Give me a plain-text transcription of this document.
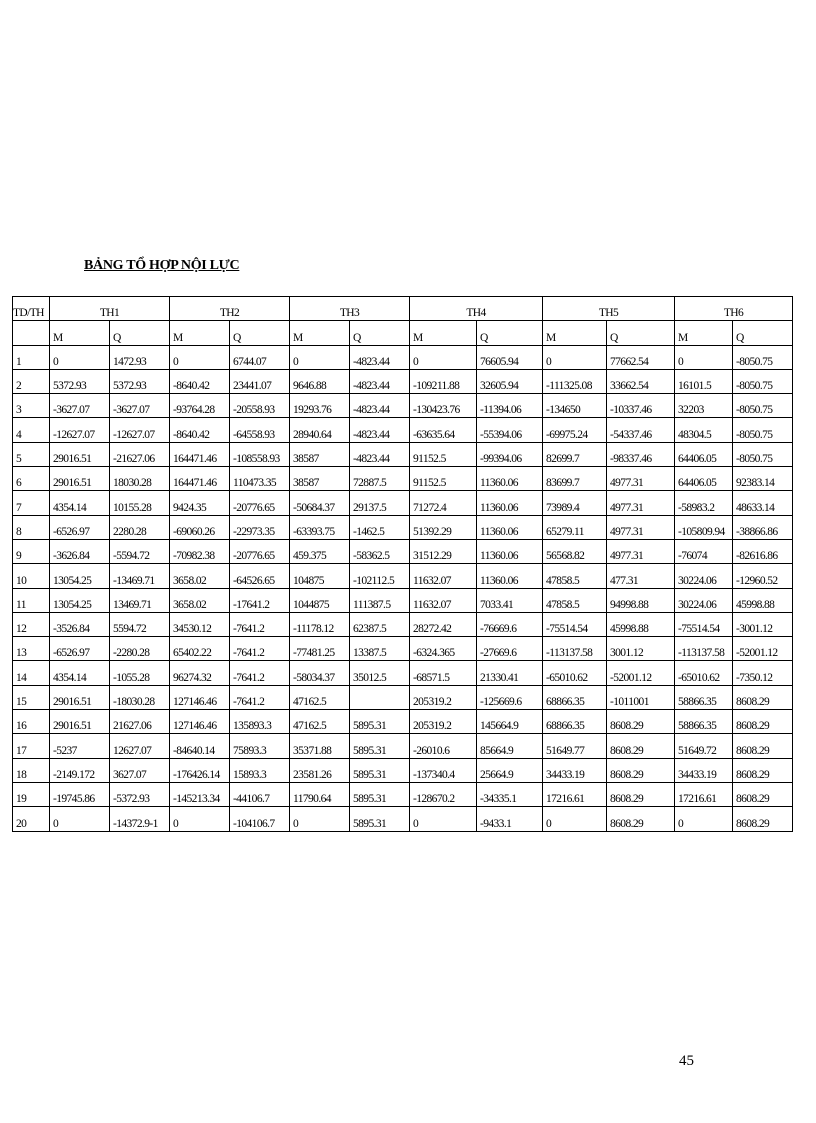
BẢNG TỔ HỢP NỘI LỰC
TD/TH	TH1		TH2		TH3		TH4		TH5		TH6	
	M	Q	M	Q	M	Q	M	Q	M	Q	M	Q
1	0	1472.93	0	6744.07	0	-4823.44	0	76605.94	0	77662.54	0	-8050.75
2	5372.93	5372.93	-8640.42	23441.07	9646.88	-4823.44	-109211.88	32605.94	-111325.08	33662.54	16101.5	-8050.75
3	-3627.07	-3627.07	-93764.28	-20558.93	19293.76	-4823.44	-130423.76	-11394.06	-134650	-10337.46	32203	-8050.75
4	-12627.07	-12627.07	-8640.42	-64558.93	28940.64	-4823.44	-63635.64	-55394.06	-69975.24	-54337.46	48304.5	-8050.75
5	29016.51	-21627.06	164471.46	-108558.93	38587	-4823.44	91152.5	-99394.06	82699.7	-98337.46	64406.05	-8050.75
6	29016.51	18030.28	164471.46	110473.35	38587	72887.5	91152.5	11360.06	83699.7	4977.31	64406.05	92383.14
7	4354.14	10155.28	9424.35	-20776.65	-50684.37	29137.5	71272.4	11360.06	73989.4	4977.31	-58983.2	48633.14
8	-6526.97	2280.28	-69060.26	-22973.35	-63393.75	-1462.5	51392.29	11360.06	65279.11	4977.31	-105809.94	-38866.86
9	-3626.84	-5594.72	-70982.38	-20776.65	459.375	-58362.5	31512.29	11360.06	56568.82	4977.31	-76074	-82616.86
10	13054.25	-13469.71	3658.02	-64526.65	104875	-102112.5	11632.07	11360.06	47858.5	477.31	30224.06	-12960.52
11	13054.25	13469.71	3658.02	-17641.2	1044875	111387.5	11632.07	7033.41	47858.5	94998.88	30224.06	45998.88
12	-3526.84	5594.72	34530.12	-7641.2	-11178.12	62387.5	28272.42	-76669.6	-75514.54	45998.88	-75514.54	-3001.12
13	-6526.97	-2280.28	65402.22	-7641.2	-77481.25	13387.5	-6324.365	-27669.6	-113137.58	3001.12	-113137.58	-52001.12
14	4354.14	-1055.28	96274.32	-7641.2	-58034.37	35012.5	-68571.5	21330.41	-65010.62	-52001.12	-65010.62	-7350.12
15	29016.51	-18030.28	127146.46	-7641.2	47162.5		205319.2	-125669.6	68866.35	-1011001	58866.35	8608.29
16	29016.51	21627.06	127146.46	135893.3	47162.5	5895.31	205319.2	145664.9	68866.35	8608.29	58866.35	8608.29
17	-5237	12627.07	-84640.14	75893.3	35371.88	5895.31	-26010.6	85664.9	51649.77	8608.29	51649.72	8608.29
18	-2149.172	3627.07	-176426.14	15893.3	23581.26	5895.31	-137340.4	25664.9	34433.19	8608.29	34433.19	8608.29
19	-19745.86	-5372.93	-145213.34	-44106.7	11790.64	5895.31	-128670.2	-34335.1	17216.61	8608.29	17216.61	8608.29
20	0	-14372.9-1	0	-104106.7	0	5895.31	0	-9433.1	0	8608.29	0	8608.29
45
